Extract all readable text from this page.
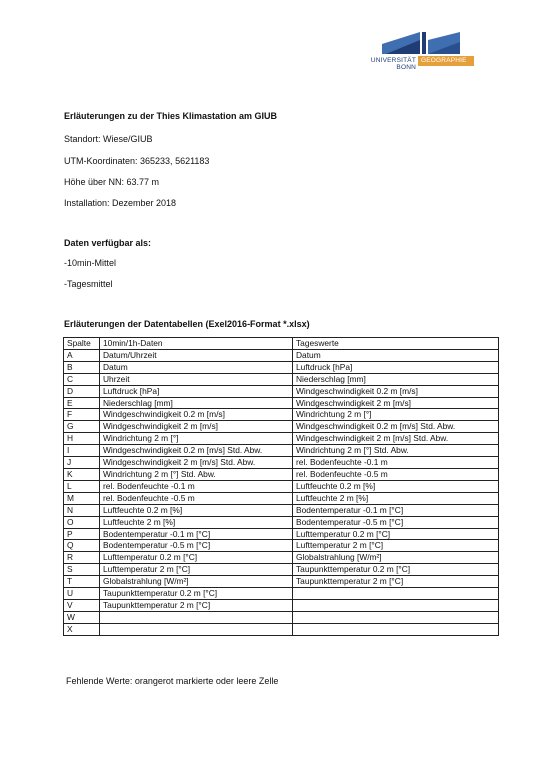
UNIVERSITÄT BONN
GEOGRAPHIE
Erläuterungen zu der Thies Klimastation am GIUB
Standort: Wiese/GIUB
UTM-Koordinaten: 365233, 5621183
Höhe über NN: 63.77 m
Installation: Dezember 2018
Daten verfügbar als:
-10min-Mittel
-Tagesmittel
Erläuterungen der Datentabellen (Exel2016-Format *.xlsx)
Spalte	10min/1h-Daten	Tageswerte
A	Datum/Uhrzeit	Datum
B	Datum	Luftdruck [hPa]
C	Uhrzeit	Niederschlag [mm]
D	Luftdruck [hPa]	Windgeschwindigkeit 0.2 m [m/s]
E	Niederschlag [mm]	Windgeschwindigkeit 2 m [m/s]
F	Windgeschwindigkeit 0.2 m [m/s]	Windrichtung 2 m [°]
G	Windgeschwindigkeit 2 m [m/s]	Windgeschwindigkeit 0.2 m [m/s] Std. Abw.
H	Windrichtung 2 m [°]	Windgeschwindigkeit 2 m [m/s] Std. Abw.
I	Windgeschwindigkeit 0.2 m [m/s] Std. Abw.	Windrichtung 2 m [°] Std. Abw.
J	Windgeschwindigkeit 2 m [m/s] Std. Abw.	rel. Bodenfeuchte -0.1 m
K	Windrichtung 2 m [°] Std. Abw.	rel. Bodenfeuchte -0.5 m
L	rel. Bodenfeuchte -0.1 m	Luftfeuchte 0.2 m [%]
M	rel. Bodenfeuchte -0.5 m	Luftfeuchte 2 m [%]
N	Luftfeuchte 0.2 m [%]	Bodentemperatur -0.1 m [°C]
O	Luftfeuchte 2 m [%]	Bodentemperatur -0.5 m [°C]
P	Bodentemperatur -0.1 m [°C]	Lufttemperatur 0.2 m [°C]
Q	Bodentemperatur -0.5 m [°C]	Lufttemperatur 2 m [°C]
R	Lufttemperatur 0.2 m [°C]	Globalstrahlung [W/m²]
S	Lufttemperatur 2 m [°C]	Taupunkttemperatur 0.2 m [°C]
T	Globalstrahlung [W/m²]	Taupunkttemperatur 2 m [°C]
U	Taupunkttemperatur 0.2 m [°C]	
V	Taupunkttemperatur 2 m [°C]	
W		
X		
Fehlende Werte: orangerot markierte oder leere Zelle
